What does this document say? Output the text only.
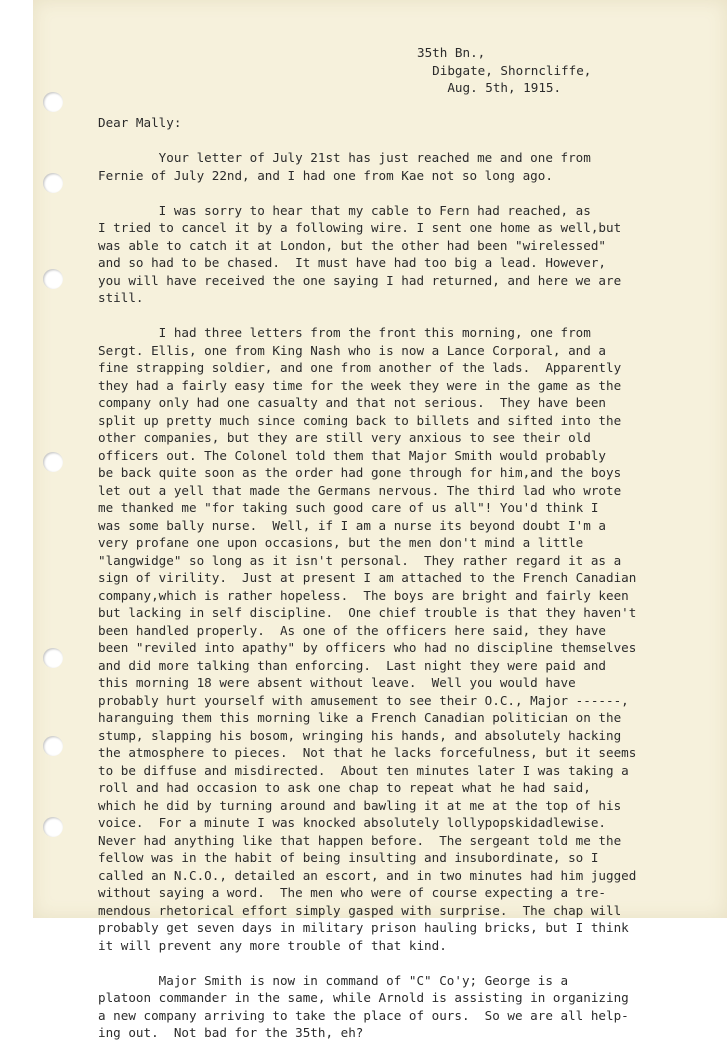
35th Bn.,
Dibgate, Shorncliffe,
Aug. 5th, 1915.
Dear Mally:
Your letter of July 21st has just reached me and one from
Fernie of July 22nd, and I had one from Kae not so long ago.
I was sorry to hear that my cable to Fern had reached, as
I tried to cancel it by a following wire. I sent one home as well,but
was able to catch it at London, but the other had been "wirelessed"
and so had to be chased.  It must have had too big a lead. However,
you will have received the one saying I had returned, and here we are
still.
I had three letters from the front this morning, one from
Sergt. Ellis, one from King Nash who is now a Lance Corporal, and a
fine strapping soldier, and one from another of the lads.  Apparently
they had a fairly easy time for the week they were in the game as the
company only had one casualty and that not serious.  They have been
split up pretty much since coming back to billets and sifted into the
other companies, but they are still very anxious to see their old
officers out. The Colonel told them that Major Smith would probably
be back quite soon as the order had gone through for him,and the boys
let out a yell that made the Germans nervous. The third lad who wrote
me thanked me "for taking such good care of us all"! You'd think I
was some bally nurse.  Well, if I am a nurse its beyond doubt I'm a
very profane one upon occasions, but the men don't mind a little
"langwidge" so long as it isn't personal.  They rather regard it as a
sign of virility.  Just at present I am attached to the French Canadian
company,which is rather hopeless.  The boys are bright and fairly keen
but lacking in self discipline.  One chief trouble is that they haven't
been handled properly.  As one of the officers here said, they have
been "reviled into apathy" by officers who had no discipline themselves
and did more talking than enforcing.  Last night they were paid and
this morning 18 were absent without leave.  Well you would have
probably hurt yourself with amusement to see their O.C., Major ------,
haranguing them this morning like a French Canadian politician on the
stump, slapping his bosom, wringing his hands, and absolutely hacking
the atmosphere to pieces.  Not that he lacks forcefulness, but it seems
to be diffuse and misdirected.  About ten minutes later I was taking a
roll and had occasion to ask one chap to repeat what he had said,
which he did by turning around and bawling it at me at the top of his
voice.  For a minute I was knocked absolutely lollypopskidadlewise.
Never had anything like that happen before.  The sergeant told me the
fellow was in the habit of being insulting and insubordinate, so I
called an N.C.O., detailed an escort, and in two minutes had him jugged
without saying a word.  The men who were of course expecting a tre-
mendous rhetorical effort simply gasped with surprise.  The chap will
probably get seven days in military prison hauling bricks, but I think
it will prevent any more trouble of that kind.
Major Smith is now in command of "C" Co'y; George is a
platoon commander in the same, while Arnold is assisting in organizing
a new company arriving to take the place of ours.  So we are all help-
ing out.  Not bad for the 35th, eh?
